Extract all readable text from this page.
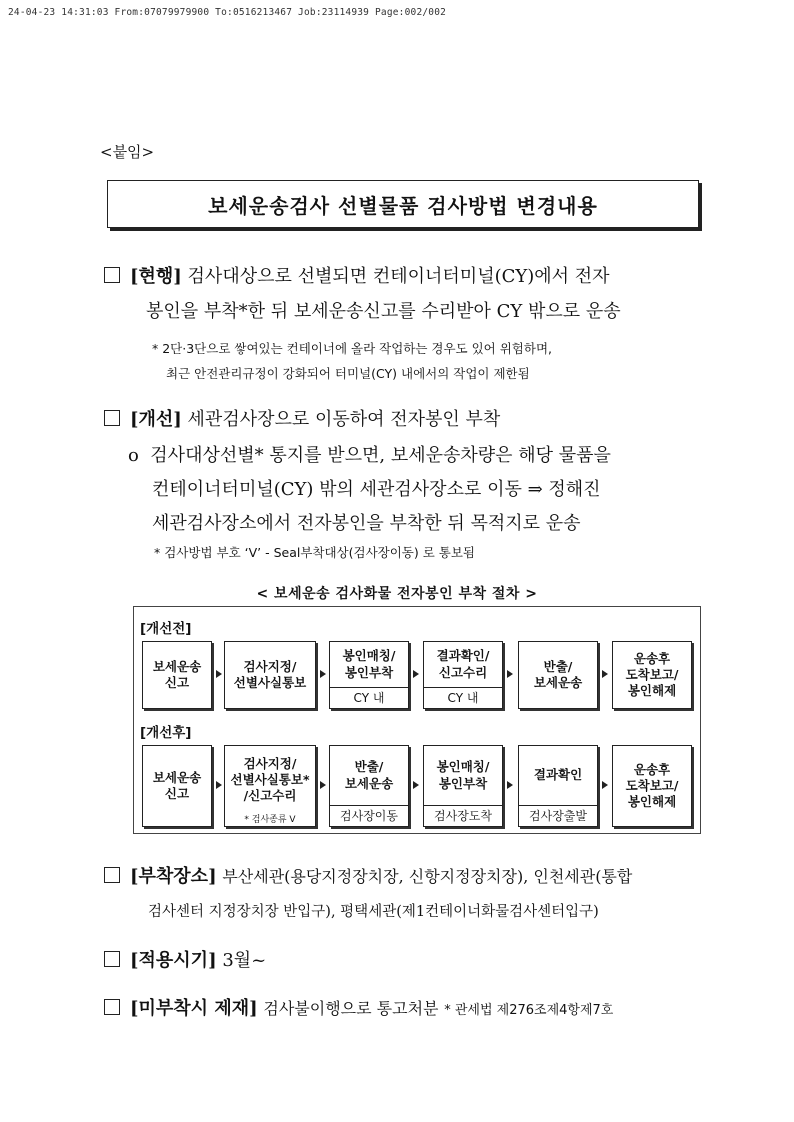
24-04-23 14:31:03 From:07079979900 To:0516213467 Job:23114939 Page:002/002
<붙임>
보세운송검사 선별물품 검사방법 변경내용
[현행] 검사대상으로 선별되면 컨테이너터미널(CY)에서 전자
봉인을 부착*한 뒤 보세운송신고를 수리받아 CY 밖으로 운송
* 2단·3단으로 쌓여있는 컨테이너에 올라 작업하는 경우도 있어 위험하며,
최근 안전관리규정이 강화되어 터미널(CY) 내에서의 작업이 제한됨
[개선] 세관검사장으로 이동하여 전자봉인 부착
o 검사대상선별* 통지를 받으면, 보세운송차량은 해당 물품을
컨테이너터미널(CY) 밖의 세관검사장소로 이동 ⇒ 정해진
세관검사장소에서 전자봉인을 부착한 뒤 목적지로 운송
* 검사방법 부호 ‘V’ - Seal부착대상(검사장이동) 로 통보됨
< 보세운송 검사화물 전자봉인 부착 절차 >
[개선전]
[개선후]
보세운송
신고
검사지정/
선별사실통보
봉인매칭/
봉인부착
CY 내
결과확인/
신고수리
CY 내
반출/
보세운송
운송후
도착보고/
봉인해제
보세운송
신고
검사지정/
선별사실통보*
/신고수리
* 검사종류 V
반출/
보세운송
검사장이동
봉인매칭/
봉인부착
검사장도착
결과확인
검사장출발
운송후
도착보고/
봉인해제
[부착장소] 부산세관(용당지정장치장, 신항지정장치장), 인천세관(통합
검사센터 지정장치장 반입구), 평택세관(제1컨테이너화물검사센터입구)
[적용시기] 3월~
[미부착시 제재] 검사불이행으로 통고처분 * 관세법 제276조제4항제7호
